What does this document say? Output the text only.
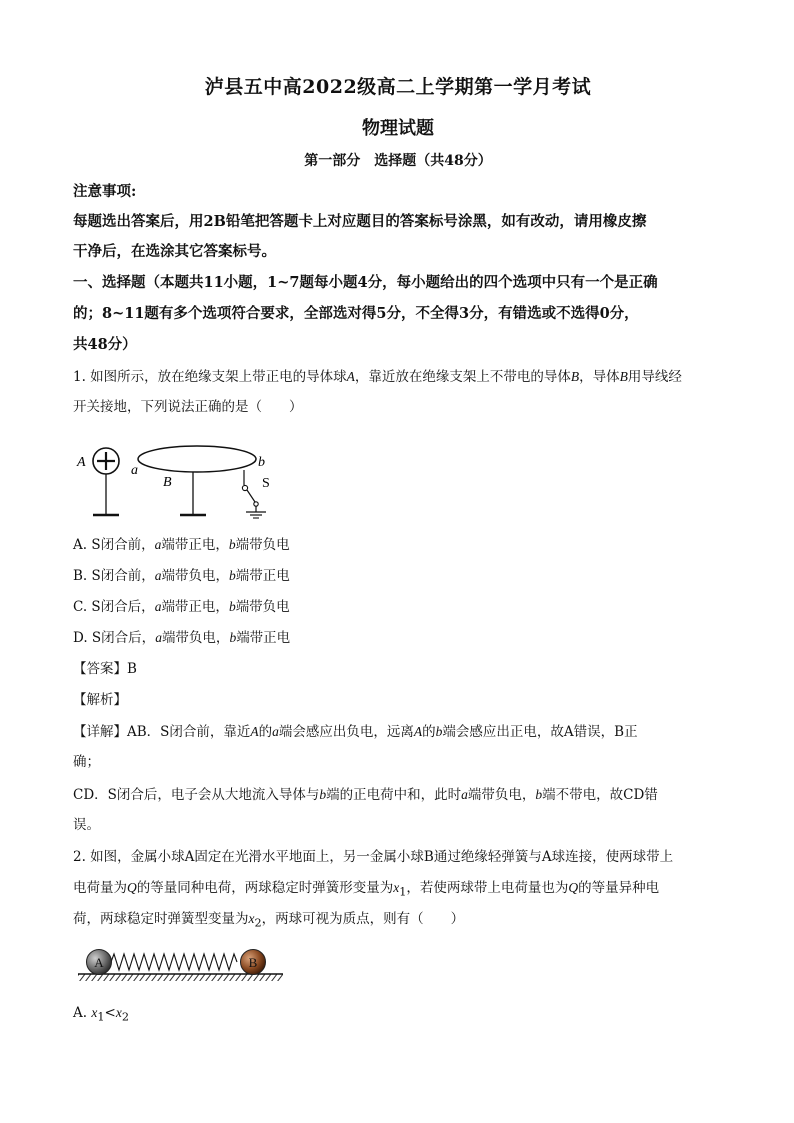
泸县五中高2022级高二上学期第一学月考试
物理试题
第一部分　选择题（共48分）
注意事项:
每题选出答案后，用2B铅笔把答题卡上对应题目的答案标号涂黑，如有改动，请用橡皮擦
干净后，在选涂其它答案标号。
一、选择题（本题共11小题，1~7题每小题4分，每小题给出的四个选项中只有一个是正确
的；8~11题有多个选项符合要求，全部选对得5分，不全得3分，有错选或不选得0分，
共48分）
1. 如图所示，放在绝缘支架上带正电的导体球A，靠近放在绝缘支架上不带电的导体B，导体B用导线经
开关接地，下列说法正确的是（　　）
A
a
B
b
S
A. S闭合前，a端带正电，b端带负电
B. S闭合前，a端带负电，b端带正电
C. S闭合后，a端带正电，b端带负电
D. S闭合后，a端带负电，b端带正电
【答案】B
【解析】
【详解】AB．S闭合前，靠近A的a端会感应出负电，远离A的b端会感应出正电，故A错误，B正
确；
CD．S闭合后，电子会从大地流入导体与b端的正电荷中和，此时a端带负电，b端不带电，故CD错
误。
2. 如图，金属小球A固定在光滑水平地面上，另一金属小球B通过绝缘轻弹簧与A球连接，使两球带上
电荷量为Q的等量同种电荷，两球稳定时弹簧形变量为$x_1$，若使两球带上电荷量也为Q的等量异种电
荷，两球稳定时弹簧型变量为$x_2$，两球可视为质点，则有（　　）
A	B
A. $x_1<x_2$
